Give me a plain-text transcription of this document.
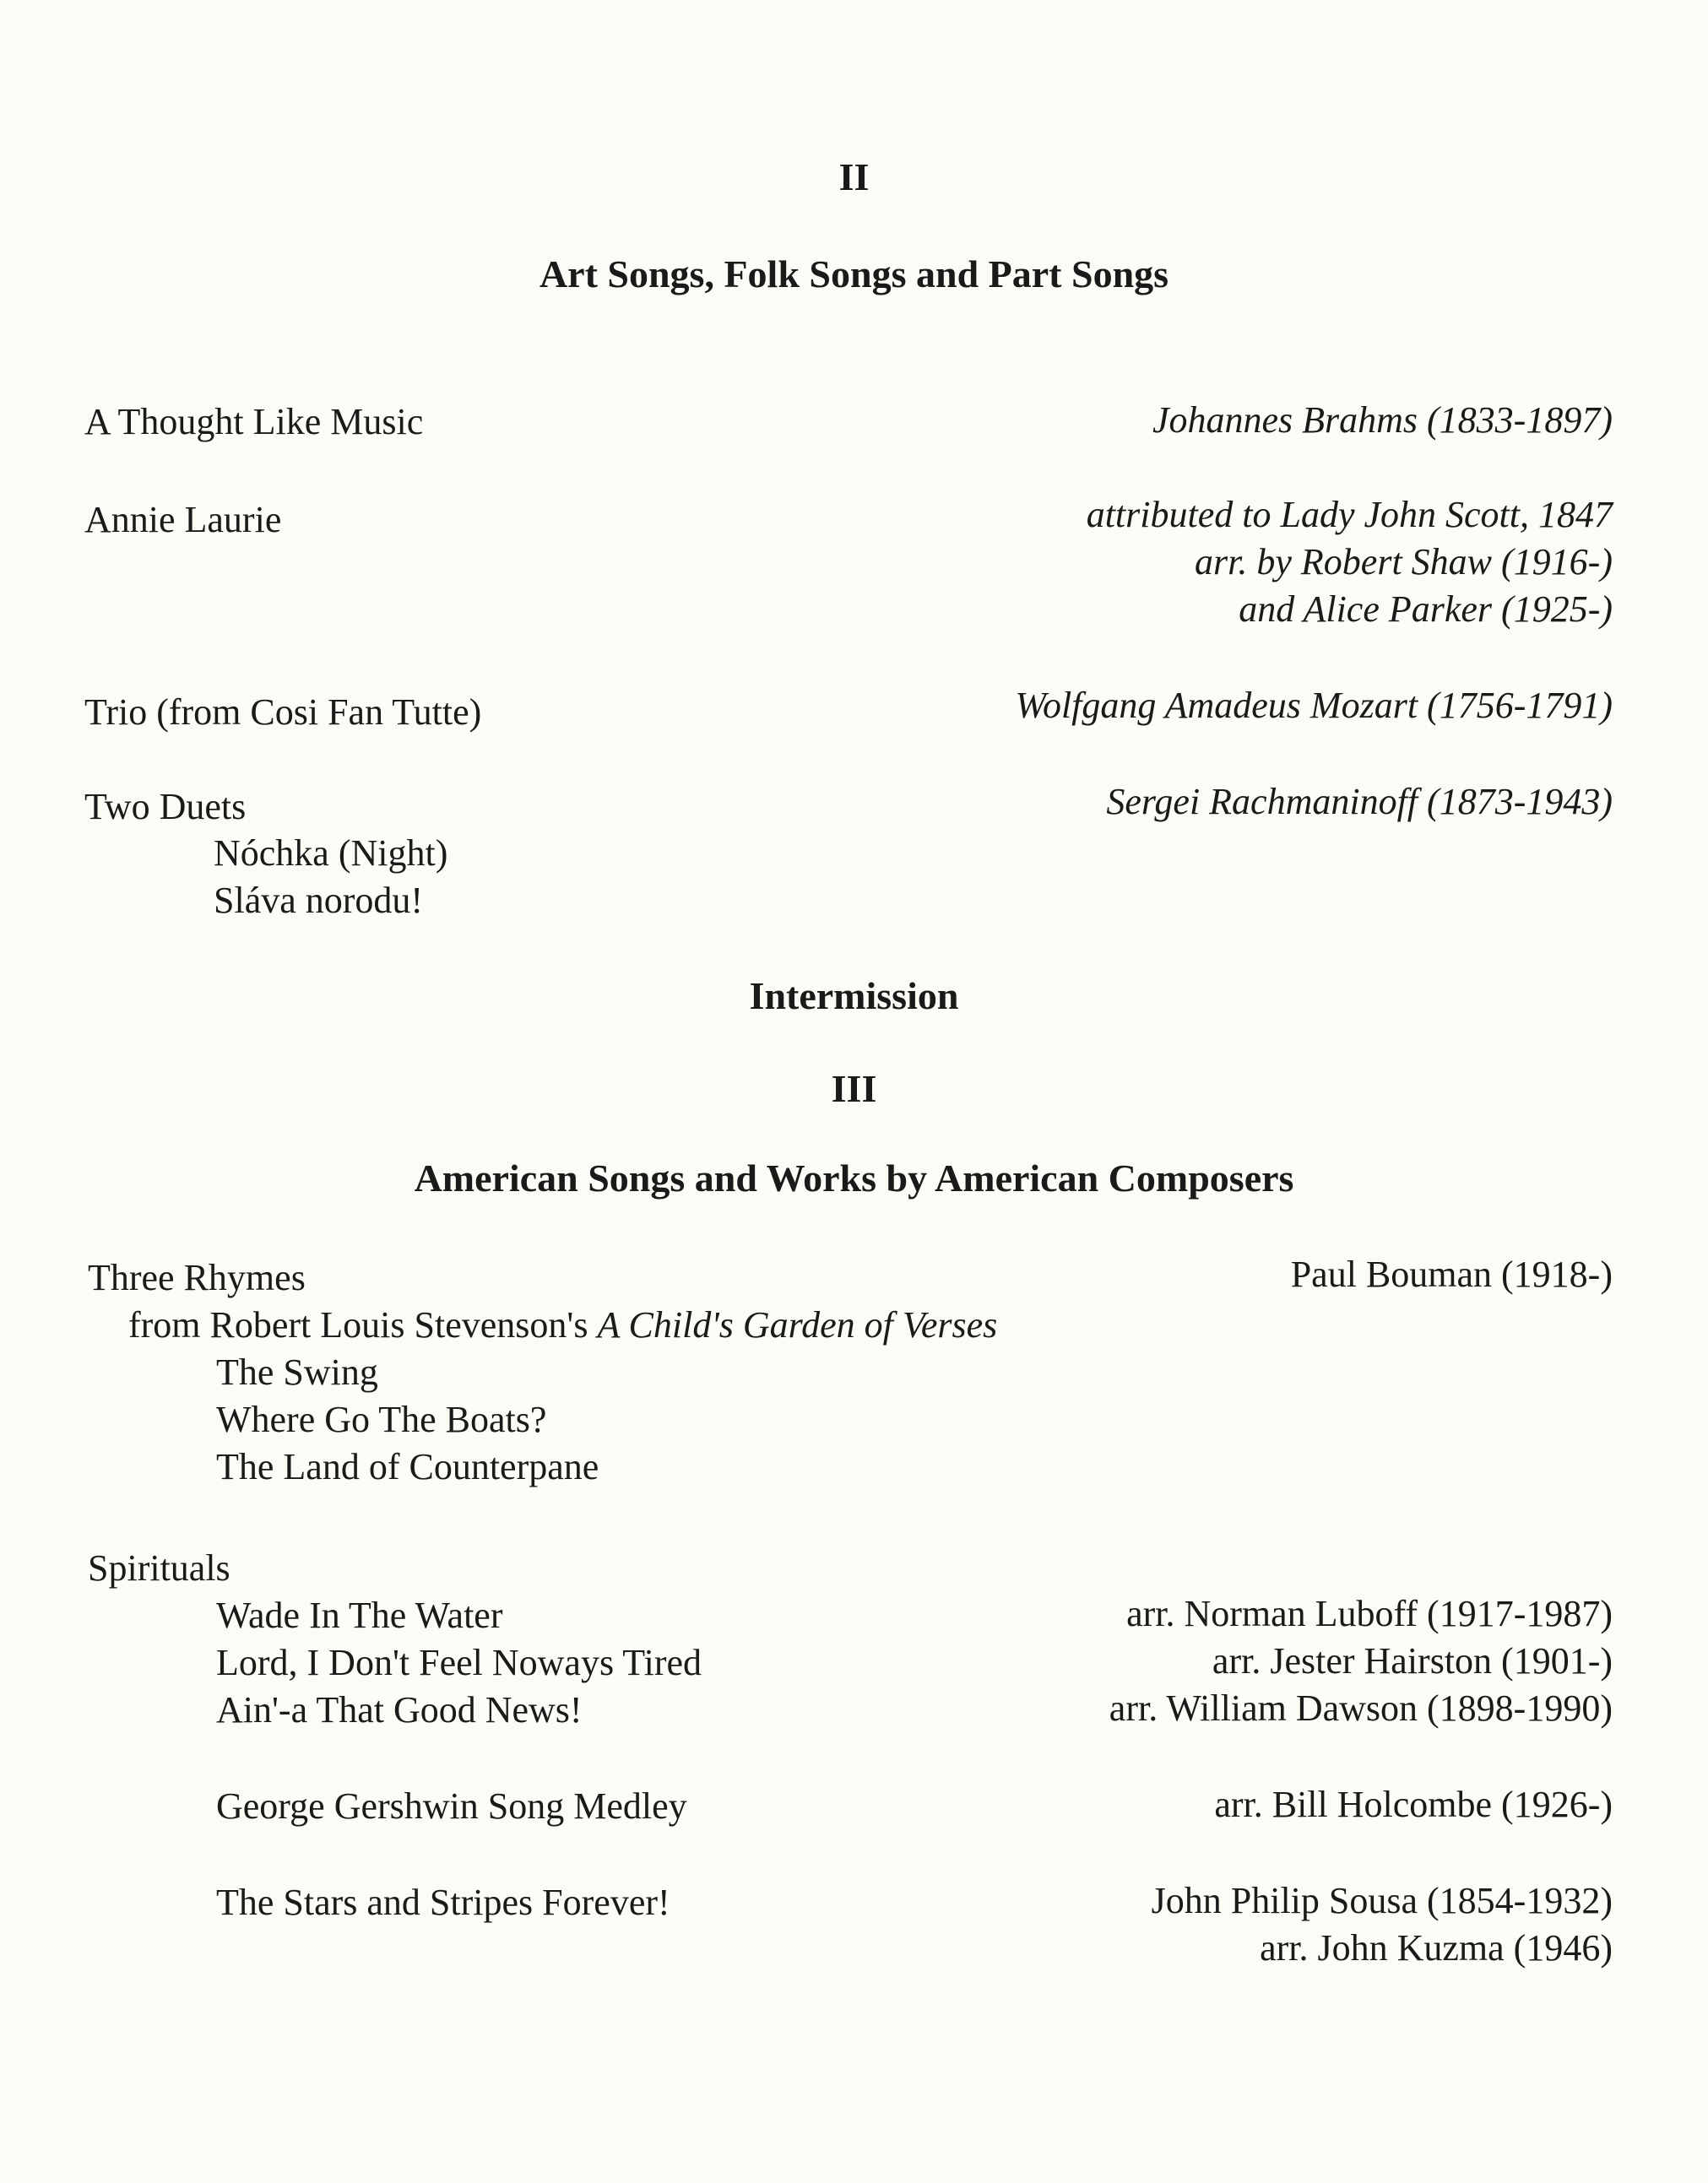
II
Art Songs, Folk Songs and Part Songs
A Thought Like Music	Johannes Brahms (1833-1897)
Annie Laurie	attributed to Lady John Scott, 1847
arr. by Robert Shaw (1916-)
and Alice Parker (1925-)
Trio (from Cosi Fan Tutte)	Wolfgang Amadeus Mozart (1756-1791)
Two Duets	Sergei Rachmaninoff (1873-1943)
Nóchka (Night)
Sláva norodu!
Intermission
III
American Songs and Works by American Composers
Three Rhymes	Paul Bouman (1918-)
from Robert Louis Stevenson's A Child's Garden of Verses
The Swing
Where Go The Boats?
The Land of Counterpane
Spirituals
Wade In The Water	arr. Norman Luboff (1917-1987)
Lord, I Don't Feel Noways Tired	arr. Jester Hairston (1901-)
Ain'-a That Good News!	arr. William Dawson (1898-1990)
George Gershwin Song Medley	arr. Bill Holcombe (1926-)
The Stars and Stripes Forever!	John Philip Sousa (1854-1932)
arr. John Kuzma (1946)
